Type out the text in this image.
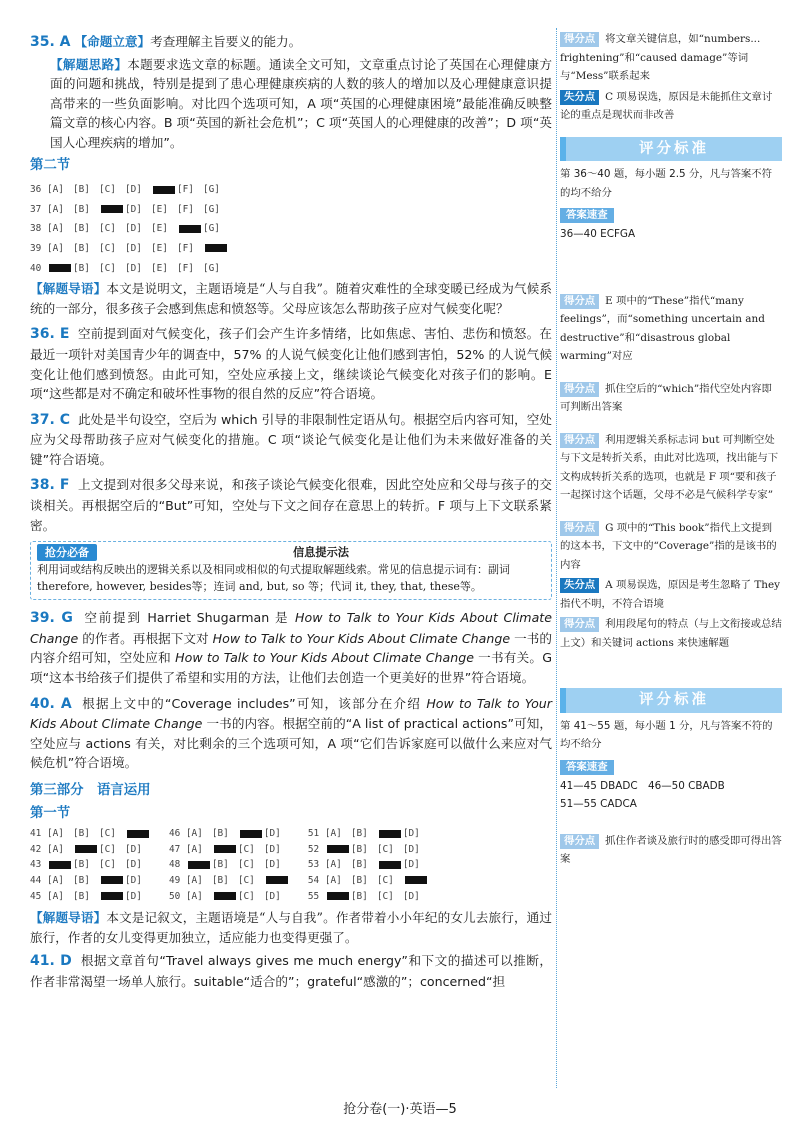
35. A 【命题立意】考查理解主旨要义的能力。
【解题思路】本题要求选文章的标题。通读全文可知，文章重点讨论了英国在心理健康方面的问题和挑战，特别是提到了患心理健康疾病的人数的骇人的增加以及心理健康意识提高带来的一些负面影响。对比四个选项可知，A 项“英国的心理健康困境”最能准确反映整篇文章的核心内容。B 项“英国的新社会危机”；C 项“英国人的心理健康的改善”；D 项“英国人心理疾病的增加”。
第二节
36 [A] [B] [C] [D]	[F] [G]
37 [A] [B]	[D] [E] [F] [G]
38 [A] [B] [C] [D] [E]	[G]
39 [A] [B] [C] [D] [E] [F]
40	[B] [C] [D] [E] [F] [G]
【解题导语】本文是说明文，主题语境是“人与自我”。随着灾难性的全球变暖已经成为气候系统的一部分，很多孩子会感到焦虑和愤怒等。父母应该怎么帮助孩子应对气候变化呢？
36. E 空前提到面对气候变化，孩子们会产生许多情绪，比如焦虑、害怕、悲伤和愤怒。在最近一项针对美国青少年的调查中，57% 的人说气候变化让他们感到害怕，52% 的人说气候变化让他们感到愤怒。由此可知，空处应承接上文，继续谈论气候变化对孩子们的影响。E 项“这些都是对不确定和破坏性事物的很自然的反应”符合语境。
37. C 此处是半句设空，空后为 which 引导的非限制性定语从句。根据空后内容可知，空处应为父母帮助孩子应对气候变化的措施。C 项“谈论气候变化是让他们为未来做好准备的关键”符合语境。
38. F 上文提到对很多父母来说，和孩子谈论气候变化很难，因此空处应和父母与孩子的交谈相关。再根据空后的“But”可知，空处与下文之间存在意思上的转折。F 项与上下文联系紧密。
抢分必备	信息提示法
利用词或结构反映出的逻辑关系以及相同或相似的句式提取解题线索。常见的信息提示词有：副词 therefore, however, besides等；连词 and, but, so 等；代词 it, they, that, these等。
39. G 空前提到 Harriet Shugarman 是 How to Talk to Your Kids About Climate Change 的作者。再根据下文对 How to Talk to Your Kids About Climate Change 一书的内容介绍可知，空处应和 How to Talk to Your Kids About Climate Change 一书有关。G 项“这本书给孩子们提供了希望和实用的方法，让他们去创造一个更美好的世界”符合语境。
40. A 根据上文中的“Coverage includes”可知，该部分在介绍 How to Talk to Your Kids About Climate Change 一书的内容。根据空前的“A list of practical actions”可知，空处应与 actions 有关，对比剩余的三个选项可知，A 项“它们告诉家庭可以做什么来应对气候危机”符合语境。
第三部分　语言运用
第一节
41 [A] [B] [C]	46 [A] [B]	[D]	51 [A] [B]	[D]
42 [A]	[C] [D]	47 [A]	[C] [D]	52	[B] [C] [D]
43	[B] [C] [D]	48	[B] [C] [D]	53 [A] [B]	[D]
44 [A] [B]	[D]	49 [A] [B] [C]	54 [A] [B] [C]
45 [A] [B]	[D]	50 [A]	[C] [D]	55	[B] [C] [D]
【解题导语】本文是记叙文，主题语境是“人与自我”。作者带着小小年纪的女儿去旅行，通过旅行，作者的女儿变得更加独立，适应能力也变得更强了。
41. D 根据文章首句“Travel always gives me much energy”和下文的描述可以推断，作者非常渴望一场单人旅行。suitable“适合的”；grateful“感激的”；concerned“担
得分点 将文章关键信息，如“numbers... frightening”和“caused damage”等词与“Mess”联系起来
失分点 C 项易误选，原因是未能抓住文章讨论的重点是现状而非改善
评分标准
第 36～40 题，每小题 2.5 分，凡与答案不符的均不给分
答案速查
36—40 ECFGA
得分点 E 项中的“These”指代“many feelings”，而“something uncertain and destructive”和“disastrous global warming”对应
得分点 抓住空后的“which”指代空处内容即可判断出答案
得分点 利用逻辑关系标志词 but 可判断空处与下文是转折关系，由此对比选项，找出能与下文构成转折关系的选项，也就是 F 项“要和孩子一起探讨这个话题，父母不必是气候科学专家”
得分点 G 项中的“This book”指代上文提到的这本书，下文中的“Coverage”指的是该书的内容
失分点 A 项易误选，原因是考生忽略了 They 指代不明，不符合语境
得分点 利用段尾句的特点（与上文衔接或总结上文）和关键词 actions 来快速解题
评分标准
第 41～55 题，每小题 1 分，凡与答案不符的均不给分
答案速查
41—45 DBADC　46—50 CBADB
51—55 CADCA
得分点 抓住作者谈及旅行时的感受即可得出答案
抢分卷(一)·英语—5
